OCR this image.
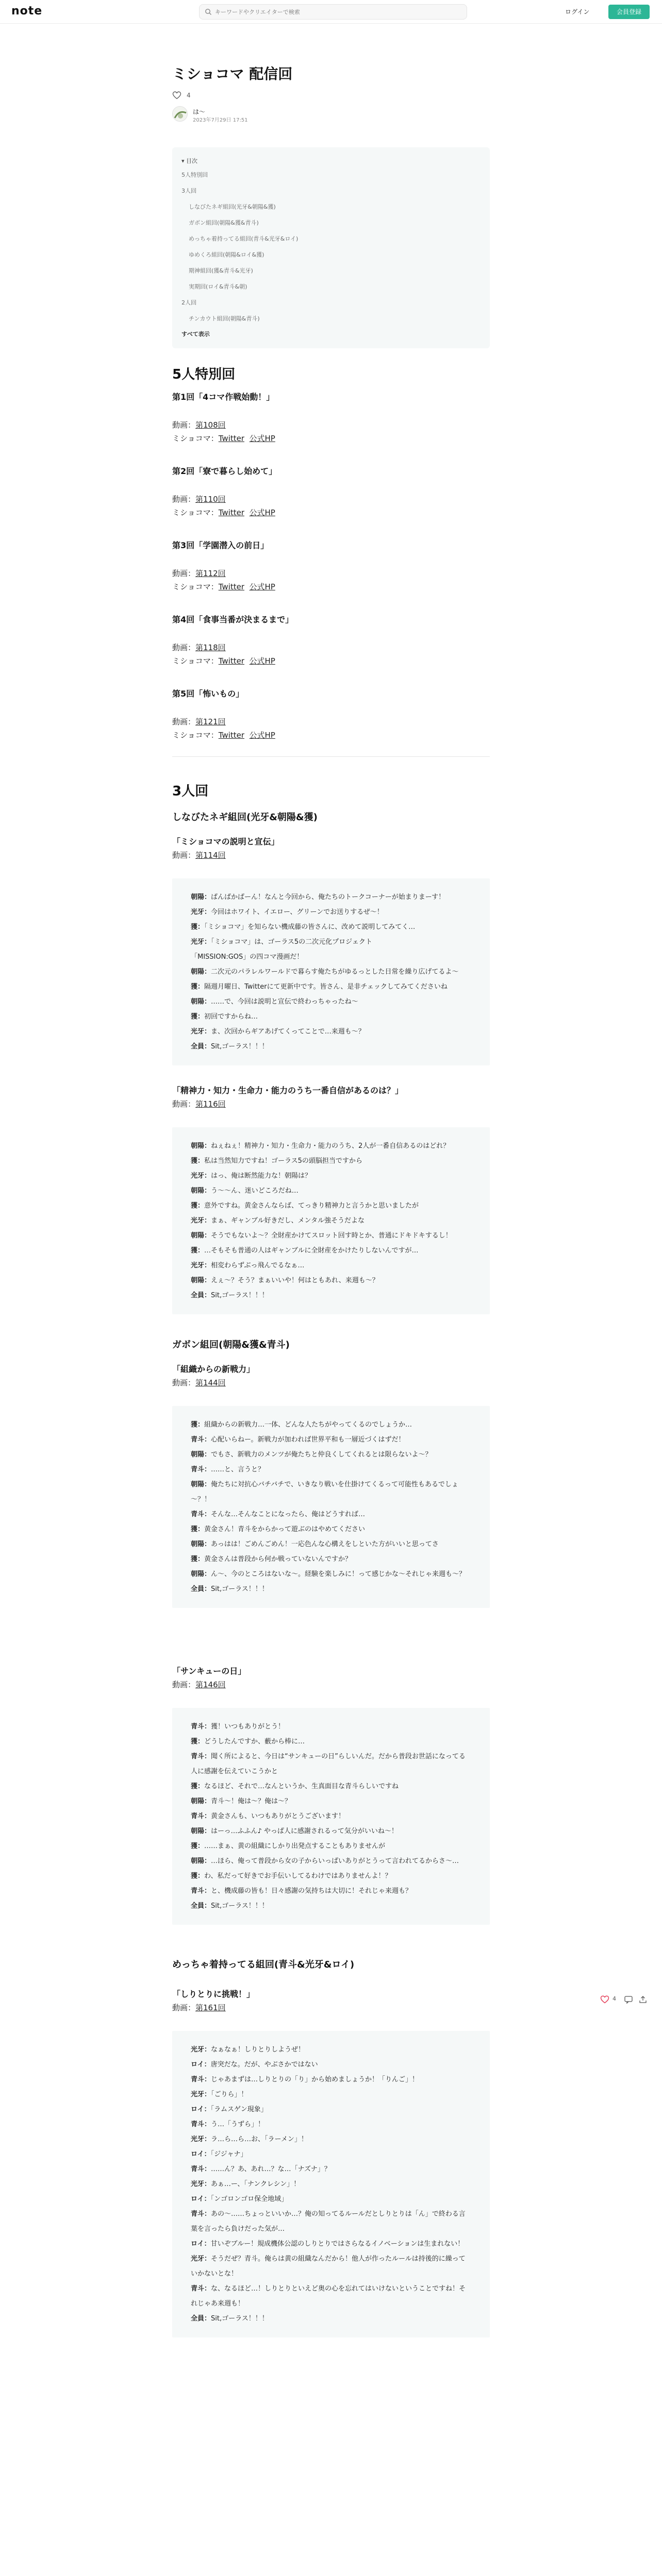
note
キーワードやクリエイターで検索	ログイン	会員登録
ミショコマ 配信回
4
は～
2023年7月29日 17:51
▾ 目次
5人特別回
3人回
しなびたネギ組回(光牙&朝陽&獲)
ガボン組回(朝陽&獲&青斗)
めっちゃ着持ってる組回(青斗&光牙&ロイ)
ゆめくろ組回(朝陽&ロイ&獲)
期神組回(獲&青斗&光牙)
実期回(ロイ&青斗&朝)
2人回
チンカウト組回(朝陽&青斗)
すべて表示
5人特別回
第1回「4コマ作戦始動！」

動画：第108回

ミショコマ：Twitter 公式HP

第2回「寮で暮らし始めて」

動画：第110回

ミショコマ：Twitter 公式HP

第3回「学園潜入の前日」

動画：第112回

ミショコマ：Twitter 公式HP

第4回「食事当番が決まるまで」

動画：第118回

ミショコマ：Twitter 公式HP

第5回「怖いもの」

動画：第121回

ミショコマ：Twitter 公式HP

3人回
しなびたネギ組回(光牙&朝陽&獲)
「ミショコマの説明と宣伝」

動画：第114回

朝陽：ぱんぱかぱーん！なんと今回から、俺たちのトークコーナーが始まりまーす！

光牙：今回はホワイト、イエロー、グリーンでお送りするぜ～！

獲：「ミショコマ」を知らない機成藤の皆さんに、改めて説明してみてく…

光牙：「ミショコマ」は、ゴーラス5の二次元化プロジェクト

「MISSION:GOS」の四コマ漫画だ！

朝陽：二次元のパラレルワールドで暮らす俺たちがゆるっとした日常を繰り広げてるよ～

獲：隔週月曜日、Twitterにて更新中です。皆さん、是非チェックしてみてくださいね

朝陽：……で、今回は説明と宣伝で終わっちゃったね～

獲：初回ですからね…

光牙：ま、次回からギアあげてくってことで…来週も～？

全員：Sit,ゴーラス！！！

「精神力・知力・生命力・能力のうち一番自信があるのは？」

動画：第116回

朝陽：ねぇねぇ！精神力・知力・生命力・能力のうち、2人が一番自信あるのはどれ？

獲：私は当然知力ですね！ゴーラス5の頭脳担当ですから

光牙：はっ、俺は断然能力な！朝陽は？

朝陽：う〜〜ん、迷いどころだね…

獲：意外ですね。黄金さんならば、てっきり精神力と言うかと思いましたが

光牙：まぁ、ギャンブル好きだし、メンタル強そうだよな

朝陽：そうでもないよ～？全財産かけてスロット回す時とか、普通にドキドキするし！

獲：…そもそも普通の人はギャンブルに全財産をかけたりしないんですが…

光牙：相変わらずぶっ飛んでるなぁ…

朝陽：えぇ〜？そう？まぁいいや！何はともあれ、来週も〜？

全員：Sit,ゴーラス！！！

ガボン組回(朝陽&獲&青斗)
「組織からの新戦力」

動画：第144回

獲：組織からの新戦力…一体、どんな人たちがやってくるのでしょうか…

青斗：心配いらねー。新戦力が加われば世界平和も一層近づくはずだ！

朝陽：でもさ、新戦力のメンツが俺たちと仲良くしてくれるとは限らないよ～？

青斗：……と、言うと？

朝陽：俺たちに対抗心バチバチで、いきなり戦いを仕掛けてくるって可能性もあるでしょ～？！

青斗：そんな…そんなことになったら、俺はどうすれば…

獲：黄金さん！青斗をからかって遊ぶのはやめてください

朝陽：あっはは！ごめんごめん！一応色んな心構えをしといた方がいいと思ってさ

獲：黄金さんは普段から何か戦っていないんですか？

朝陽：ん〜、今のところはないな〜。経験を楽しみに！って感じかな〜それじゃ来週も〜？

全員：Sit,ゴーラス！！！

「サンキューの日」

動画：第146回

青斗：獲！いつもありがとう！

獲：どうしたんですか、藪から棒に…

青斗：聞く所によると、今日は“サンキューの日”らしいんだ。だから普段お世話になってる人に感謝を伝えていこうかと

獲：なるほど、それで…なんというか、生真面目な青斗らしいですね

朝陽：青斗〜！俺は〜？俺は〜？

青斗：黄金さんも、いつもありがとうございます！

朝陽：はーっ…ふふん♪ やっぱ人に感謝されるって気分がいいね〜！

獲：……まぁ、黄の組織にしかり出発点することもありませんが

朝陽：…ほら、俺って普段から女の子からいっぱいありがとうって言われてるからさ〜…

獲：わ、私だって好きでお手伝いしてるわけではありませんよ！？

青斗：と、機成藤の皆も！日々感謝の気持ちは大切に！それじゃ来週も？

全員：Sit,ゴーラス！！！

めっちゃ着持ってる組回(青斗&光牙&ロイ)
「しりとりに挑戦！」

動画：第161回

光牙：なぁなぁ！しりとりしようぜ！

ロイ：唐突だな。だが、やぶさかではない

青斗：じゃあまずは…しりとりの「り」から始めましょうか！「りんご」！

光牙：「ごりら」！

ロイ：「ラムスゲン現象」

青斗：う…「うずら」！

光牙：ラ…ら…ら…お、「ラーメン」！

ロイ：「ジジャナ」

青斗：……ん？あ、あれ…？な…「ナズナ」？

光牙：あぁ…ー、「ナンクレシン」！

ロイ：「ンゴロンゴロ保全地域」

青斗：あの〜……ちょっといいか…？俺の知ってるルールだとしりとりは「ん」で終わる言葉を言ったら負けだった気が…

ロイ：甘いぞブルー！規成機体公認のしりとりではさらなるイノベーションは生まれない！

光牙：そうだぜ？青斗。俺らは黄の組織なんだから！他人が作ったルールは持後的に繰っていかないとな！

青斗：な、なるほど…！しりとりといえど奥の心を忘れてはいけないということですね！それじゃあ来週も！

全員：Sit,ゴーラス！！！

4
